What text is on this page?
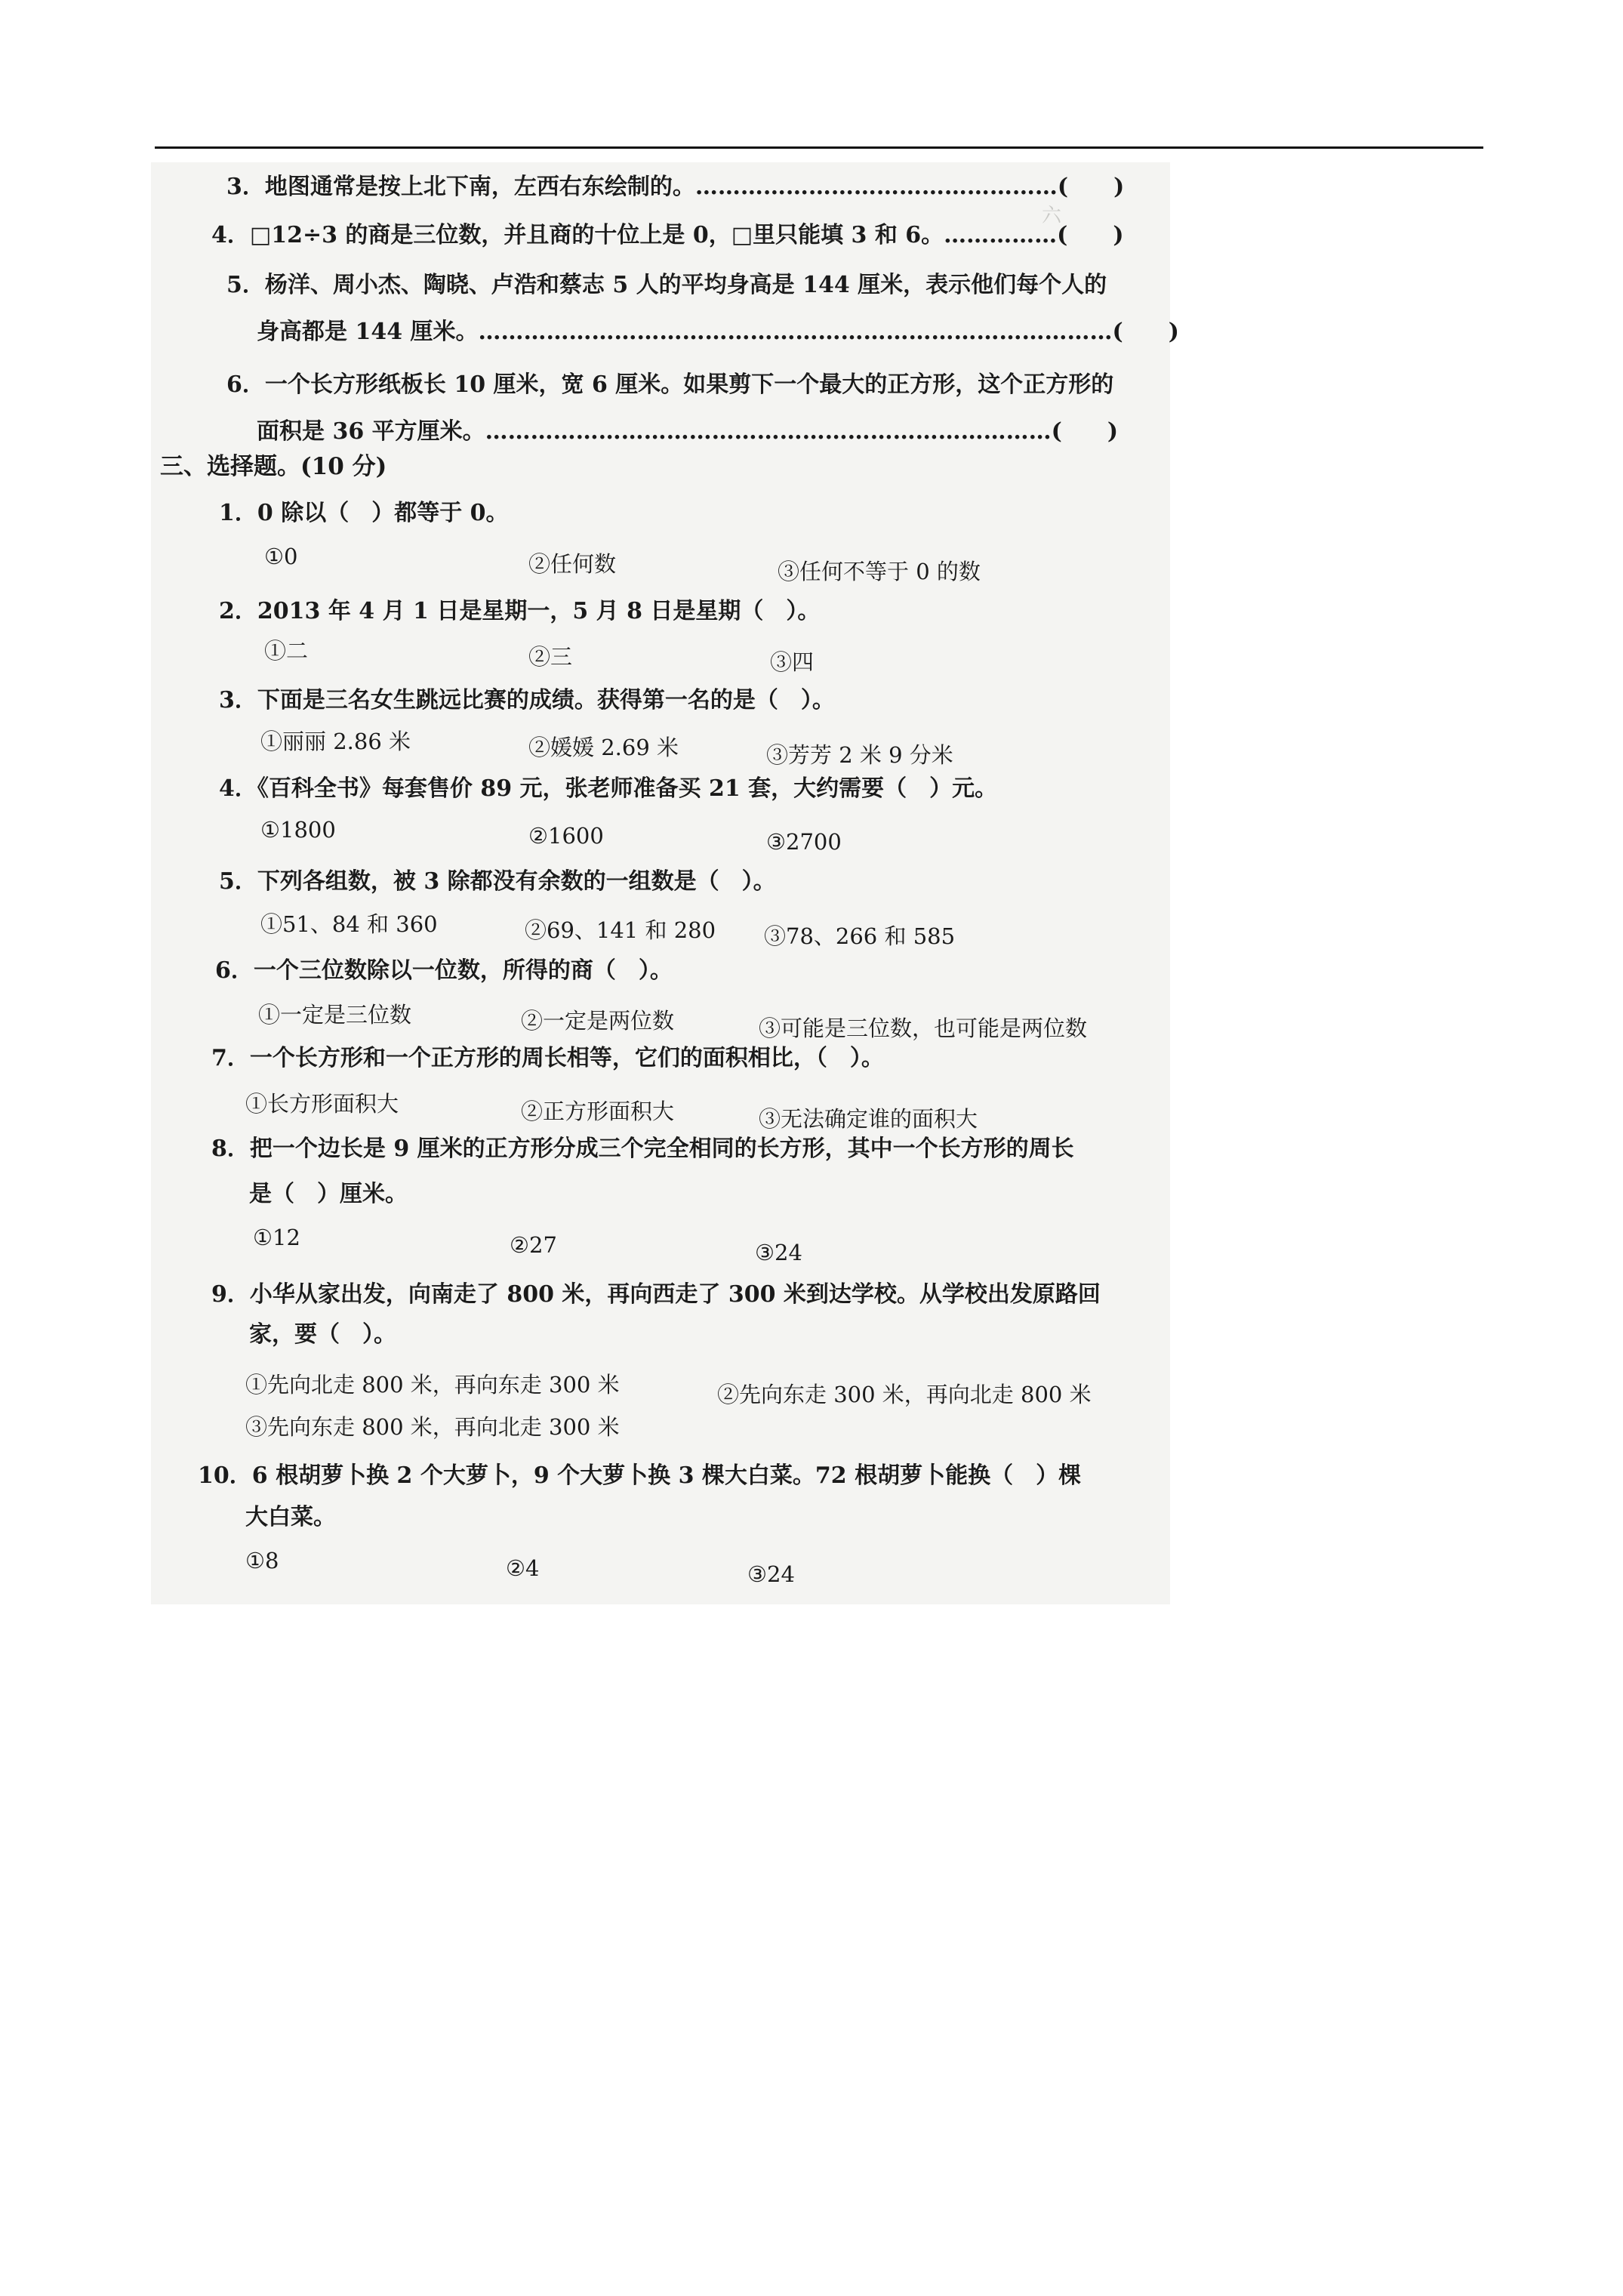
六
3．地图通常是按上北下南，左西右东绘制的。…………………………………………(　　)
4．□12÷3 的商是三位数，并且商的十位上是 0，□里只能填 3 和 6。……………(　　)
5．杨洋、周小杰、陶晓、卢浩和蔡志 5 人的平均身高是 144 厘米，表示他们每个人的
身高都是 144 厘米。…………………………………………………………………………(　　)
6．一个长方形纸板长 10 厘米，宽 6 厘米。如果剪下一个最大的正方形，这个正方形的
面积是 36 平方厘米。…………………………………………………………………(　　)
三、选择题。(10 分)
1．0 除以（　）都等于 0。
①0	②任何数	③任何不等于 0 的数
2．2013 年 4 月 1 日是星期一，5 月 8 日是星期（　）。
①二	②三	③四
3．下面是三名女生跳远比赛的成绩。获得第一名的是（　）。
①丽丽 2.86 米	②媛媛 2.69 米	③芳芳 2 米 9 分米
4．《百科全书》每套售价 89 元，张老师准备买 21 套，大约需要（　）元。
①1800	②1600	③2700
5．下列各组数，被 3 除都没有余数的一组数是（　）。
①51、84 和 360	②69、141 和 280 ③78、266 和 585
6．一个三位数除以一位数，所得的商（　）。
①一定是三位数	②一定是两位数	③可能是三位数，也可能是两位数
7．一个长方形和一个正方形的周长相等，它们的面积相比，（　）。
①长方形面积大	②正方形面积大	③无法确定谁的面积大
8．把一个边长是 9 厘米的正方形分成三个完全相同的长方形，其中一个长方形的周长
是（　）厘米。
①12	②27	③24
9．小华从家出发，向南走了 800 米，再向西走了 300 米到达学校。从学校出发原路回
家，要（　）。
①先向北走 800 米，再向东走 300 米	②先向东走 300 米，再向北走 800 米
③先向东走 800 米，再向北走 300 米
10．6 根胡萝卜换 2 个大萝卜，9 个大萝卜换 3 棵大白菜。72 根胡萝卜能换（　）棵
大白菜。
①8	②4	③24
